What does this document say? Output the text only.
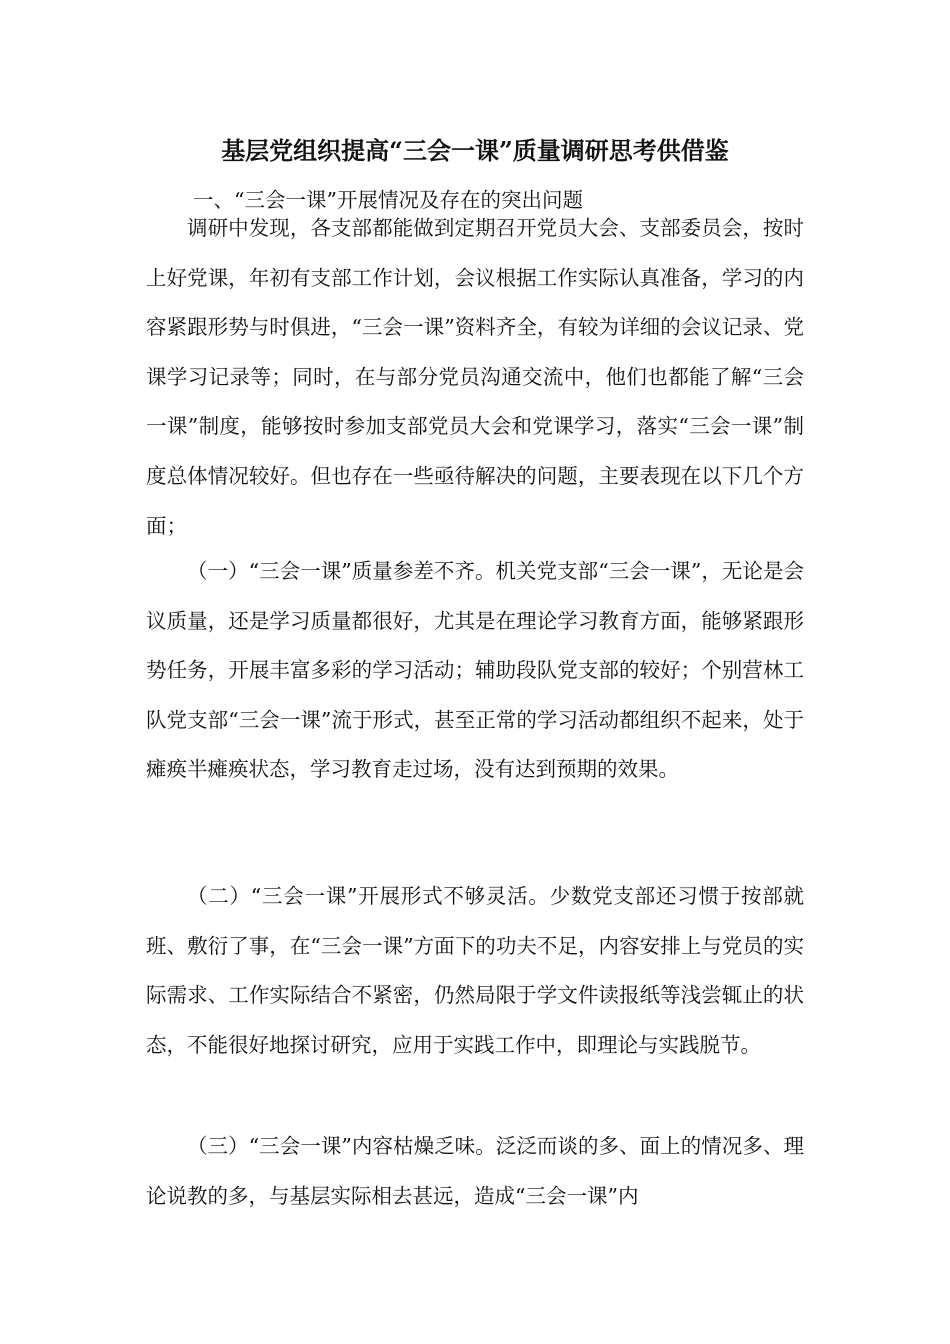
基层党组织提高“三会一课”质量调研思考供借鉴
一、“三会一课”开展情况及存在的突出问题

调研中发现，各支部都能做到定期召开党员大会、支部委员会，按时上好党课，年初有支部工作计划，会议根据工作实际认真准备，学习的内容紧跟形势与时俱进，“三会一课”资料齐全，有较为详细的会议记录、党课学习记录等；同时，在与部分党员沟通交流中，他们也都能了解“三会一课”制度，能够按时参加支部党员大会和党课学习，落实“三会一课”制度总体情况较好。但也存在一些亟待解决的问题，主要表现在以下几个方面；

（一）“三会一课”质量参差不齐。机关党支部“三会一课”，无论是会议质量，还是学习质量都很好，尤其是在理论学习教育方面，能够紧跟形势任务，开展丰富多彩的学习活动；辅助段队党支部的较好；个别营林工队党支部“三会一课”流于形式，甚至正常的学习活动都组织不起来，处于瘫痪半瘫痪状态，学习教育走过场，没有达到预期的效果。

（二）“三会一课”开展形式不够灵活。少数党支部还习惯于按部就班、敷衍了事，在“三会一课”方面下的功夫不足，内容安排上与党员的实际需求、工作实际结合不紧密，仍然局限于学文件读报纸等浅尝辄止的状态，不能很好地探讨研究，应用于实践工作中，即理论与实践脱节。

（三）“三会一课”内容枯燥乏味。泛泛而谈的多、面上的情况多、理论说教的多，与基层实际相去甚远，造成“三会一课”内
